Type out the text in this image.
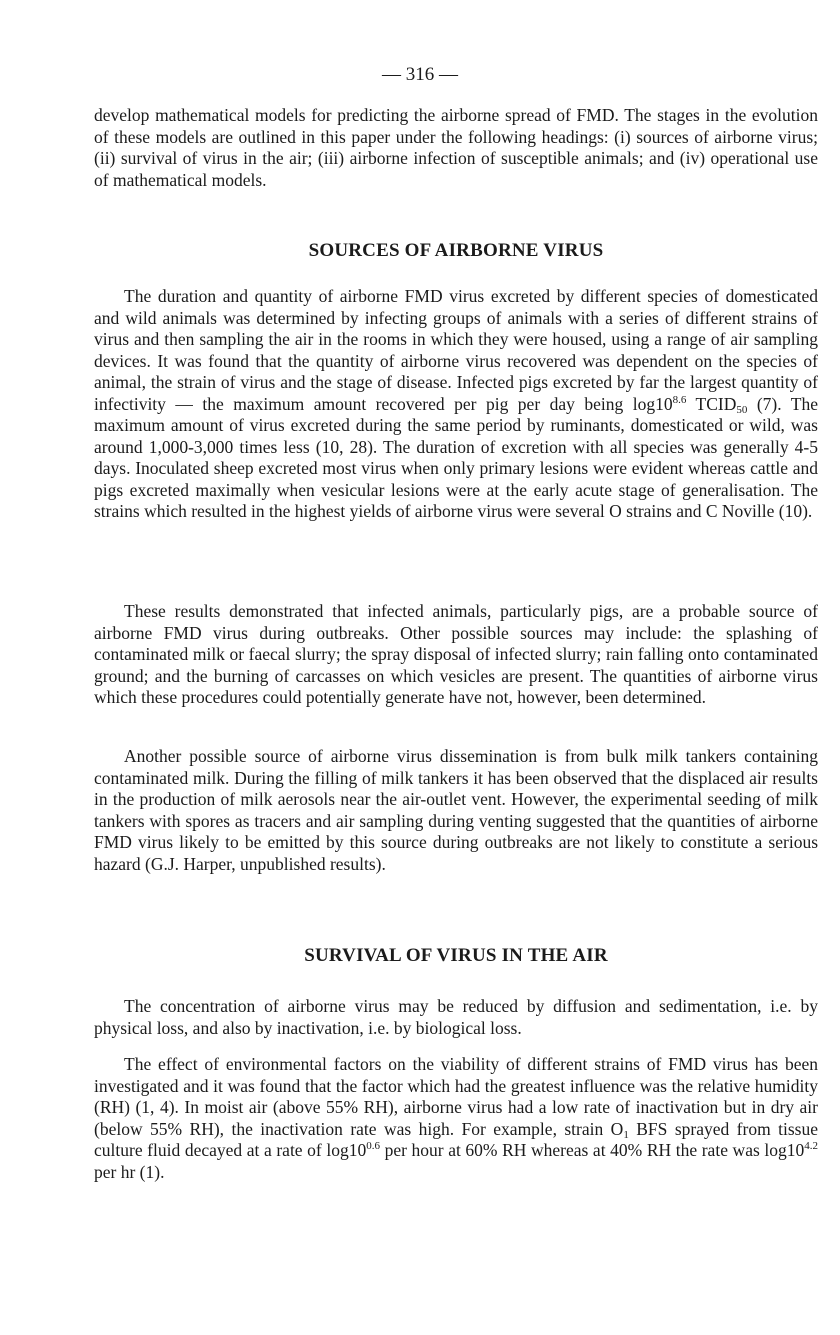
— 316 —

develop mathematical models for predicting the airborne spread of FMD. The stages in the evolution of these models are outlined in this paper under the following headings: (i) sources of airborne virus; (ii) survival of virus in the air; (iii) airborne infection of susceptible animals; and (iv) operational use of mathematical models.

SOURCES OF AIRBORNE VIRUS

The duration and quantity of airborne FMD virus excreted by different species of domesticated and wild animals was determined by infecting groups of animals with a series of different strains of virus and then sampling the air in the rooms in which they were housed, using a range of air sampling devices. It was found that the quantity of airborne virus recovered was dependent on the species of animal, the strain of virus and the stage of disease. Infected pigs excreted by far the largest quantity of infectivity — the maximum amount recovered per pig per day being $\log 10^{8.6}$ $TCID_{50}$ (7). The maximum amount of virus excreted during the same period by ruminants, domesticated or wild, was around 1,000-3,000 times less (10, 28). The duration of excretion with all species was generally 4-5 days. Inoculated sheep excreted most virus when only primary lesions were evident whereas cattle and pigs excreted maximally when vesicular lesions were at the early acute stage of generalisation. The strains which resulted in the highest yields of airborne virus were several O strains and C Noville (10).

These results demonstrated that infected animals, particularly pigs, are a probable source of airborne FMD virus during outbreaks. Other possible sources may include: the splashing of contaminated milk or faecal slurry; the spray disposal of infected slurry; rain falling onto contaminated ground; and the burning of carcasses on which vesicles are present. The quantities of airborne virus which these procedures could potentially generate have not, however, been determined.

Another possible source of airborne virus dissemination is from bulk milk tankers containing contaminated milk. During the filling of milk tankers it has been observed that the displaced air results in the production of milk aerosols near the air-outlet vent. However, the experimental seeding of milk tankers with spores as tracers and air sampling during venting suggested that the quantities of airborne FMD virus likely to be emitted by this source during outbreaks are not likely to constitute a serious hazard (G.J. Harper, unpublished results).

SURVIVAL OF VIRUS IN THE AIR

The concentration of airborne virus may be reduced by diffusion and sedimentation, i.e. by physical loss, and also by inactivation, i.e. by biological loss.

The effect of environmental factors on the viability of different strains of FMD virus has been investigated and it was found that the factor which had the greatest influence was the relative humidity (RH) (1, 4). In moist air (above 55% RH), airborne virus had a low rate of inactivation but in dry air (below 55% RH), the inactivation rate was high. For example, strain $O_1$ BFS sprayed from tissue culture fluid decayed at a rate of $\log 10^{0.6}$ per hour at 60% RH whereas at 40% RH the rate was $\log 10^{4.2}$ per hr (1).
